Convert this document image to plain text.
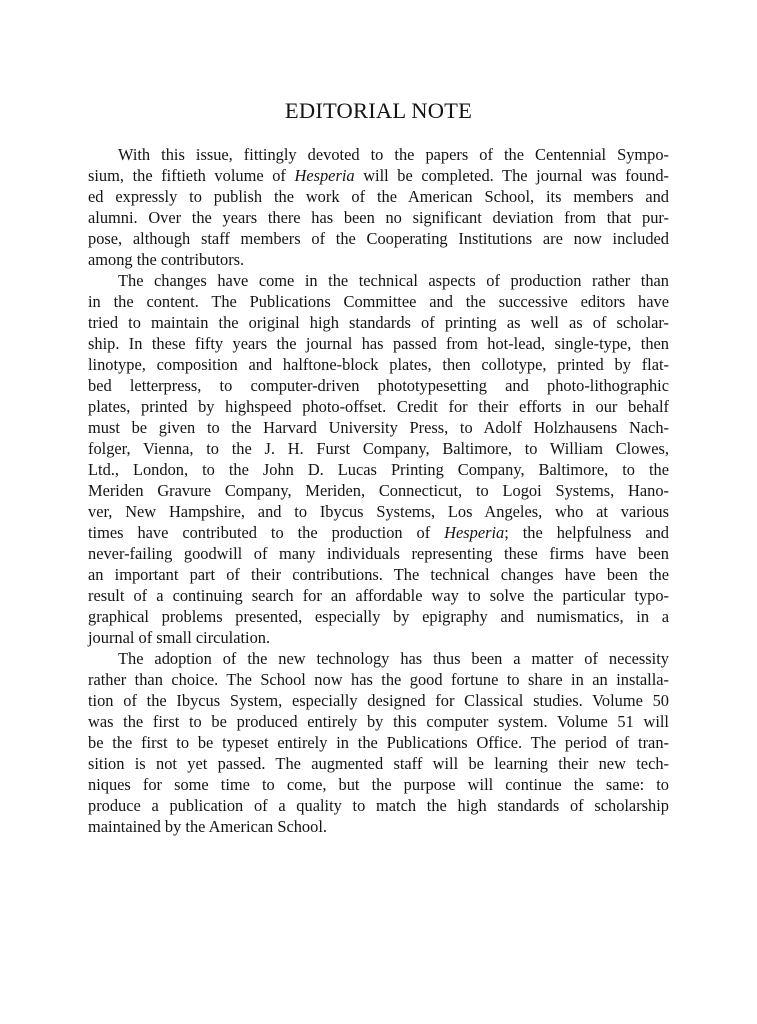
EDITORIAL NOTE
With this issue, fittingly devoted to the papers of the Centennial Sympo-
sium, the fiftieth volume of Hesperia will be completed. The journal was found-
ed expressly to publish the work of the American School, its members and
alumni. Over the years there has been no significant deviation from that pur-
pose, although staff members of the Cooperating Institutions are now included
among the contributors.
The changes have come in the technical aspects of production rather than
in the content. The Publications Committee and the successive editors have
tried to maintain the original high standards of printing as well as of scholar-
ship. In these fifty years the journal has passed from hot-lead, single-type, then
linotype, composition and halftone-block plates, then collotype, printed by flat-
bed letterpress, to computer-driven phototypesetting and photo-lithographic
plates, printed by highspeed photo-offset. Credit for their efforts in our behalf
must be given to the Harvard University Press, to Adolf Holzhausens Nach-
folger, Vienna, to the J. H. Furst Company, Baltimore, to William Clowes,
Ltd., London, to the John D. Lucas Printing Company, Baltimore, to the
Meriden Gravure Company, Meriden, Connecticut, to Logoi Systems, Hano-
ver, New Hampshire, and to Ibycus Systems, Los Angeles, who at various
times have contributed to the production of Hesperia; the helpfulness and
never-failing goodwill of many individuals representing these firms have been
an important part of their contributions. The technical changes have been the
result of a continuing search for an affordable way to solve the particular typo-
graphical problems presented, especially by epigraphy and numismatics, in a
journal of small circulation.
The adoption of the new technology has thus been a matter of necessity
rather than choice. The School now has the good fortune to share in an installa-
tion of the Ibycus System, especially designed for Classical studies. Volume 50
was the first to be produced entirely by this computer system. Volume 51 will
be the first to be typeset entirely in the Publications Office. The period of tran-
sition is not yet passed. The augmented staff will be learning their new tech-
niques for some time to come, but the purpose will continue the same: to
produce a publication of a quality to match the high standards of scholarship
maintained by the American School.
